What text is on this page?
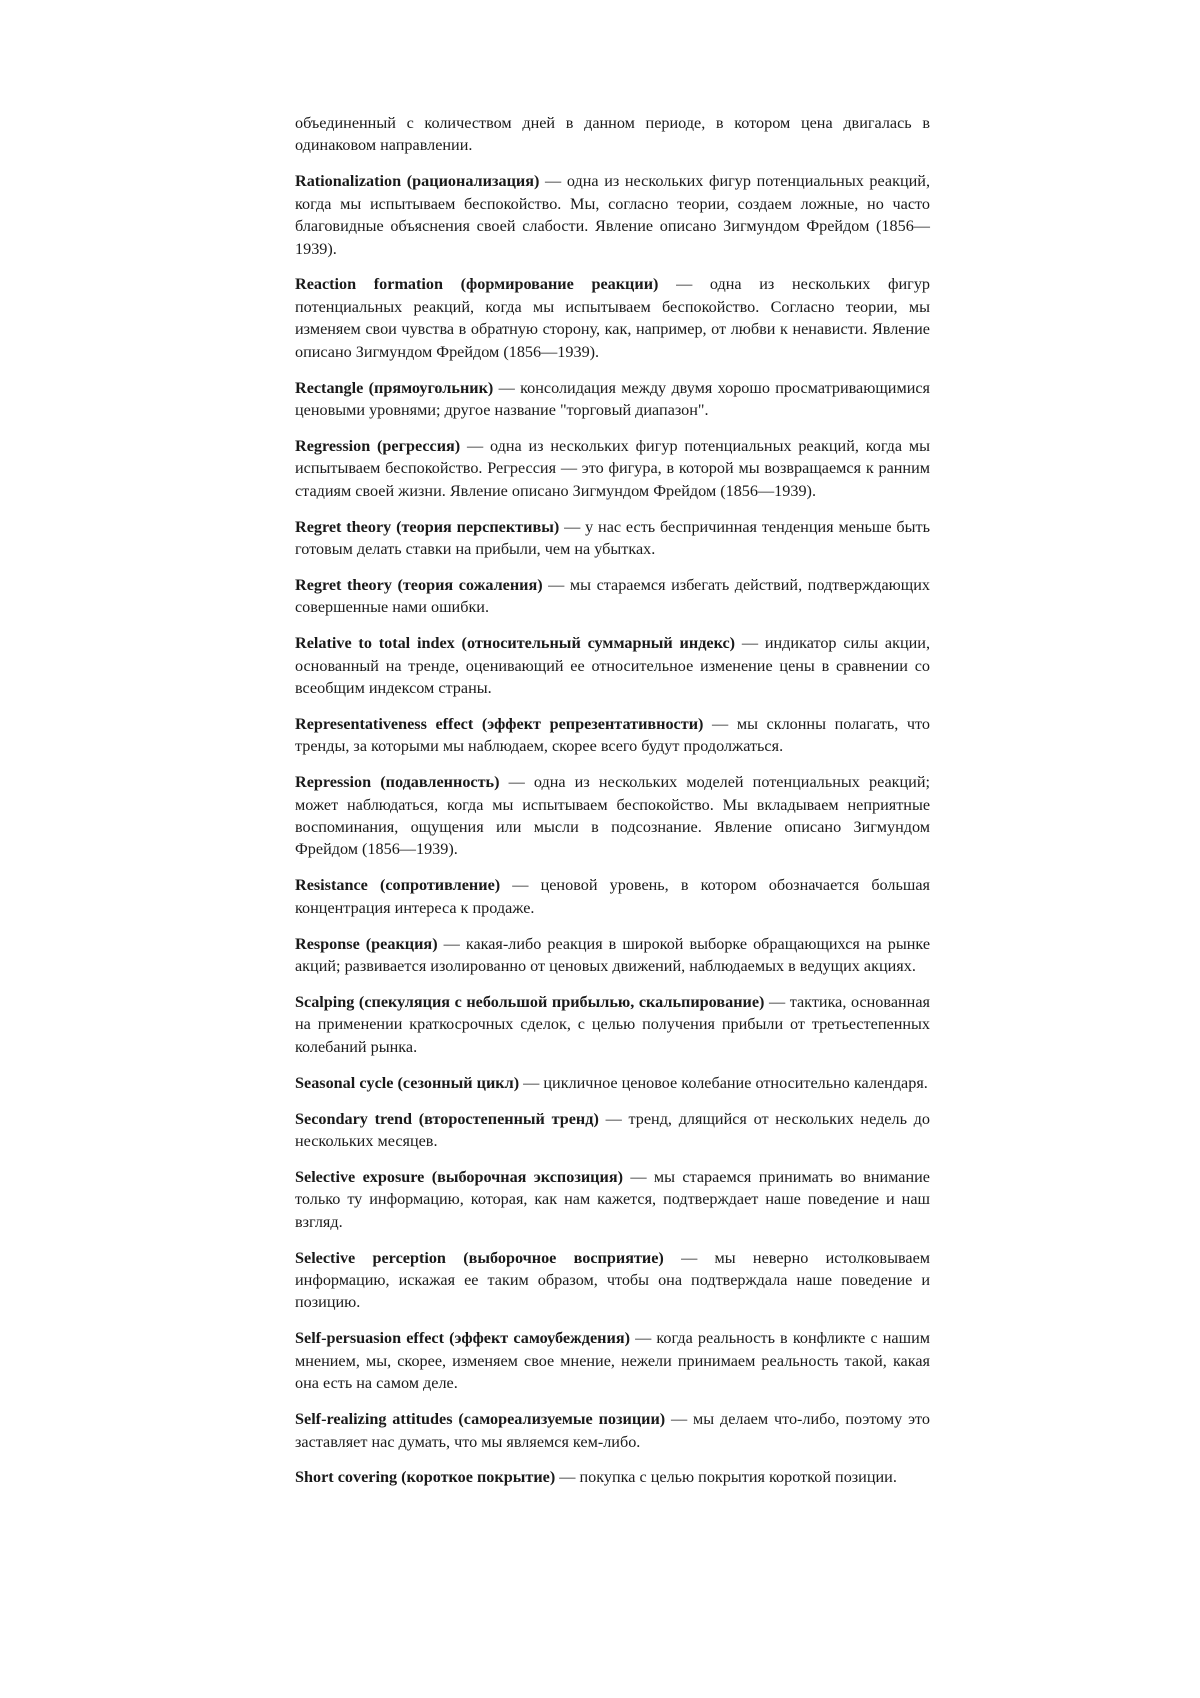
объединенный с количеством дней в данном периоде, в котором цена двигалась в одинаковом направлении.

Rationalization (рационализация) — одна из нескольких фигур потенциальных реакций, когда мы испытываем беспокойство. Мы, согласно теории, создаем ложные, но часто благовидные объяснения своей слабости. Явление описано Зигмундом Фрейдом (1856—1939).

Reaction formation (формирование реакции) — одна из нескольких фигур потенциальных реакций, когда мы испытываем беспокойство. Согласно теории, мы изменяем свои чувства в обратную сторону, как, например, от любви к ненависти. Явление описано Зигмундом Фрейдом (1856—1939).

Rectangle (прямоугольник) — консолидация между двумя хорошо просматривающимися ценовыми уровнями; другое название "торговый диапазон".

Regression (регрессия) — одна из нескольких фигур потенциальных реакций, когда мы испытываем беспокойство. Регрессия — это фигура, в которой мы возвращаемся к ранним стадиям своей жизни. Явление описано Зигмундом Фрейдом (1856—1939).

Regret theory (теория перспективы) — у нас есть беспричинная тенденция меньше быть готовым делать ставки на прибыли, чем на убытках.

Regret theory (теория сожаления) — мы стараемся избегать действий, подтверждающих совершенные нами ошибки.

Relative to total index (относительный суммарный индекс) — индикатор силы акции, основанный на тренде, оценивающий ее относительное изменение цены в сравнении со всеобщим индексом страны.

Representativeness effect (эффект репрезентативности) — мы склонны полагать, что тренды, за которыми мы наблюдаем, скорее всего будут продолжаться.

Repression (подавленность) — одна из нескольких моделей потенциальных реакций; может наблюдаться, когда мы испытываем беспокойство. Мы вкладываем неприятные воспоминания, ощущения или мысли в подсознание. Явление описано Зигмундом Фрейдом (1856—1939).

Resistance (сопротивление) — ценовой уровень, в котором обозначается большая концентрация интереса к продаже.

Response (реакция) — какая-либо реакция в широкой выборке обращающихся на рынке акций; развивается изолированно от ценовых движений, наблюдаемых в ведущих акциях.

Scalping (спекуляция с небольшой прибылью, скальпирование) — тактика, основанная на применении краткосрочных сделок, с целью получения прибыли от третьестепенных колебаний рынка.

Seasonal cycle (сезонный цикл) — цикличное ценовое колебание относительно календаря.

Secondary trend (второстепенный тренд) — тренд, длящийся от нескольких недель до нескольких месяцев.

Selective exposure (выборочная экспозиция) — мы стараемся принимать во внимание только ту информацию, которая, как нам кажется, подтверждает наше поведение и наш взгляд.

Selective perception (выборочное восприятие) — мы неверно истолковываем информацию, искажая ее таким образом, чтобы она подтверждала наше поведение и позицию.

Self-persuasion effect (эффект самоубеждения) — когда реальность в конфликте с нашим мнением, мы, скорее, изменяем свое мнение, нежели принимаем реальность такой, какая она есть на самом деле.

Self-realizing attitudes (самореализуемые позиции) — мы делаем что-либо, поэтому это заставляет нас думать, что мы являемся кем-либо.

Short covering (короткое покрытие) — покупка с целью покрытия короткой позиции.
